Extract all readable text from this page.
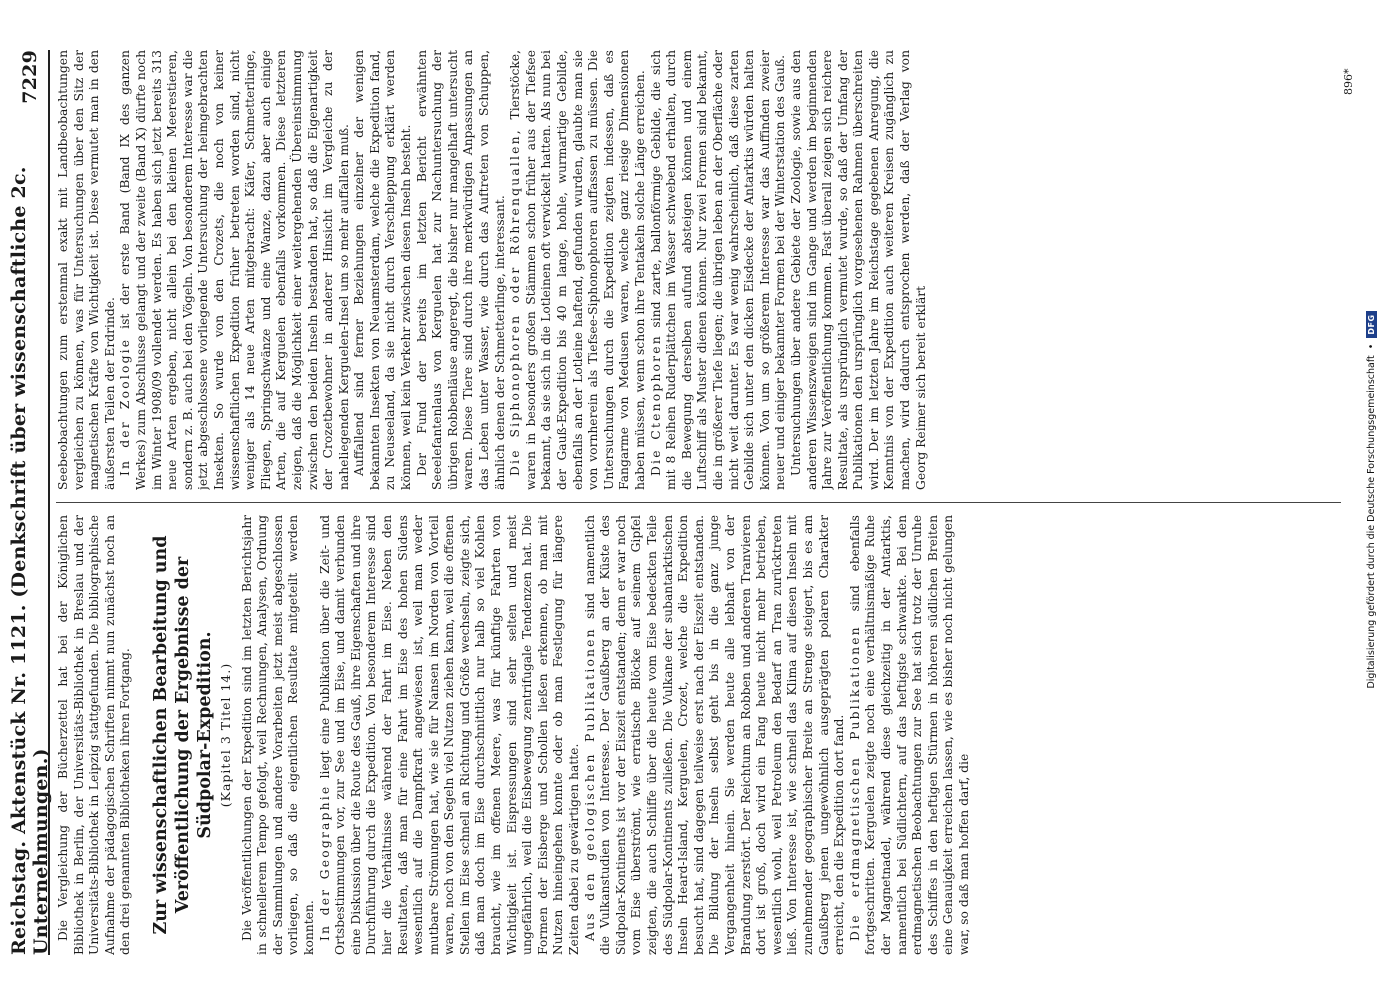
Reichstag. Aktenstück Nr. 1121. (Denkschrift über wissenschaftliche 2c. Unternehmungen.)
7229

Die Vergleichung der Bücherzettel hat bei der Königlichen Bibliothek in Berlin, der Universitäts-Bibliothek in Breslau und der Universitäts-Bibliothek in Leipzig stattgefunden. Die bibliographische Aufnahme der pädagogischen Schriften nimmt nun zunächst noch an den drei genannten Bibliotheken ihren Fortgang. Zur wissenschaftlichen Bearbeitung und Veröffentlichung der Ergebnisse der Südpolar-Expedition. (Kapitel 3 Titel 14.) Die Veröffentlichungen der Expedition sind im letzten Berichtsjahr in schnellerem Tempo gefolgt, weil Rechnungen, Analysen, Ordnung der Sammlungen und andere Vorarbeiten jetzt meist abgeschlossen vorliegen, so daß die eigentlichen Resultate mitgeteilt werden konnten. In der Geographie liegt eine Publikation über die Zeit- und Ortsbestimmungen vor, zur See und im Eise, und damit verbunden eine Diskussion über die Route des Gauß, ihre Eigenschaften und ihre Durchführung durch die Expedition. Von besonderem Interesse sind hier die Verhältnisse während der Fahrt im Eise. Neben den Resultaten, daß man für eine Fahrt im Eise des hohen Südens wesentlich auf die Dampfkraft angewiesen ist, weil man weder mutbare Strömungen hat, wie sie für Nansen im Norden von Vorteil waren, noch von den Segeln viel Nutzen ziehen kann, weil die offenen Stellen im Eise schnell an Richtung und Größe wechseln, zeigte sich, daß man doch im Eise durchschnittlich nur halb so viel Kohlen braucht, wie im offenen Meere, was für künftige Fahrten von Wichtigkeit ist. Eispressungen sind sehr selten und meist ungefährlich, weil die Eisbewegung zentrifugale Tendenzen hat. Die Formen der Eisberge und Schollen ließen erkennen, ob man mit Nutzen hineingehen konnte oder ob man Festlegung für längere Zeiten dabei zu gewärtigen hatte. Aus den geologischen Publikationen sind namentlich die Vulkanstudien von Interesse. Der Gaußberg an der Küste des Südpolar-Kontinents ist vor der Eiszeit entstanden; denn er war noch vom Eise überströmt, wie erratische Blöcke auf seinem Gipfel zeigten, die auch Schliffe über die heute vom Eise bedeckten Teile des Südpolar-Kontinents zuließen. Die Vulkane der subantarktischen Inseln Heard-Island, Kerguelen, Crozet, welche die Expedition besucht hat, sind dagegen teilweise erst nach der Eiszeit entstanden. Die Bildung der Inseln selbst geht bis in die ganz junge Vergangenheit hinein. Sie werden heute alle lebhaft von der Brandung zerstört. Der Reichtum an Robben und anderen Tranvieren dort ist groß, doch wird ein Fang heute nicht mehr betrieben, wesentlich wohl, weil Petroleum den Bedarf an Tran zurücktreten ließ. Von Interesse ist, wie schnell das Klima auf diesen Inseln mit zunehmender geographischer Breite an Strenge steigert, bis es am Gaußberg jenen ungewöhnlich ausgeprägten polaren Charakter erreicht, den die Expedition dort fand. Die erdmagnetischen Publikationen sind ebenfalls fortgeschritten. Kerguelen zeigte noch eine verhältnismäßige Ruhe der Magnetnadel, während diese gleichzeitig in der Antarktis, namentlich bei Südlichtern, auf das heftigste schwankte. Bei den erdmagnetischen Beobachtungen zur See hat sich trotz der Unruhe des Schiffes in den heftigen Stürmen in höheren südlichen Breiten eine Genauigkeit erreichen lassen, wie es bisher noch nicht gelungen war, so daß man hoffen darf, die

Seebeobachtungen zum erstenmal exakt mit Landbeobachtungen vergleichen zu können, was für Untersuchungen über den Sitz der magnetischen Kräfte von Wichtigkeit ist. Diese vermutet man in den äußersten Teilen der Erdrinde. In der Zoologie ist der erste Band (Band IX des ganzen Werkes) zum Abschlusse gelangt und der zweite (Band X) dürfte noch im Winter 1908/09 vollendet werden. Es haben sich jetzt bereits 313 neue Arten ergeben, nicht allein bei den kleinen Meerestieren, sondern z. B. auch bei den Vögeln. Von besonderem Interesse war die jetzt abgeschlossene vorliegende Untersuchung der heimgebrachten Insekten. So wurde von den Crozets, die noch von keiner wissenschaftlichen Expedition früher betreten worden sind, nicht weniger als 14 neue Arten mitgebracht: Käfer, Schmetterlinge, Fliegen, Springschwänze und eine Wanze, dazu aber auch einige Arten, die auf Kerguelen ebenfalls vorkommen. Diese letzteren zeigen, daß die Möglichkeit einer weitergehenden Übereinstimmung zwischen den beiden Inseln bestanden hat, so daß die Eigenartigkeit der Crozetbewohner in anderer Hinsicht im Vergleiche zu der naheliegenden Kerguelen-Insel um so mehr auffallen muß. Auffallend sind ferner Beziehungen einzelner der wenigen bekannten Insekten von Neuamsterdam, welche die Expedition fand, zu Neuseeland, da sie nicht durch Verschleppung erklärt werden können, weil kein Verkehr zwischen diesen Inseln besteht. Der Fund der bereits im letzten Bericht erwähnten Seeelefantenlaus von Kerguelen hat zur Nachuntersuchung der übrigen Robbenläuse angeregt, die bisher nur mangelhaft untersucht waren. Diese Tiere sind durch ihre merkwürdigen Anpassungen an das Leben unter Wasser, wie durch das Auftreten von Schuppen, ähnlich denen der Schmetterlinge, interessant. Die Siphonophoren oder Röhrenquallen, Tierstöcke, waren in besonders großen Stämmen schon früher aus der Tiefsee bekannt, da sie sich in die Lotleinen oft verwickelt hatten. Als nun bei der Gauß-Expedition bis 40 m lange, hohle, wurmartige Gebilde, ebenfalls an der Lotleine haftend, gefunden wurden, glaubte man sie von vornherein als Tiefsee-Siphonophoren auffassen zu müssen. Die Untersuchungen durch die Expedition zeigten indessen, daß es Fangarme von Medusen waren, welche ganz riesige Dimensionen haben müssen, wenn schon ihre Tentakeln solche Länge erreichen. Die Ctenophoren sind zarte, ballonförmige Gebilde, die sich mit 8 Reihen Ruderplättchen im Wasser schwebend erhalten, durch die Bewegung derselben aufund absteigen können und einem Luftschiff als Muster dienen können. Nur zwei Formen sind bekannt, die in größerer Tiefe liegen; die übrigen leben an der Oberfläche oder nicht weit darunter. Es war wenig wahrscheinlich, daß diese zarten Gebilde sich unter den dicken Eisdecke der Antarktis würden halten können. Von um so größerem Interesse war das Auffinden zweier neuer und einiger bekannter Formen bei der Winterstation des Gauß. Untersuchungen über andere Gebiete der Zoologie, sowie aus den anderen Wissenszweigen sind im Gange und werden im beginnenden Jahre zur Veröffentlichung kommen. Fast überall zeigen sich reichere Resultate, als ursprünglich vermutet wurde, so daß der Umfang der Publikationen den ursprünglich vorgesehenen Rahmen überschreiten wird. Der im letzten Jahre im Reichstage gegebenen Anregung, die Kenntnis von der Expedition auch weiteren Kreisen zugänglich zu machen, wird dadurch entsprochen werden, daß der Verlag von Georg Reimer sich bereit erklärt

896*
Digitalisierung gefördert durch die Deutsche Forschungsgemeinschaft
•
DFG
